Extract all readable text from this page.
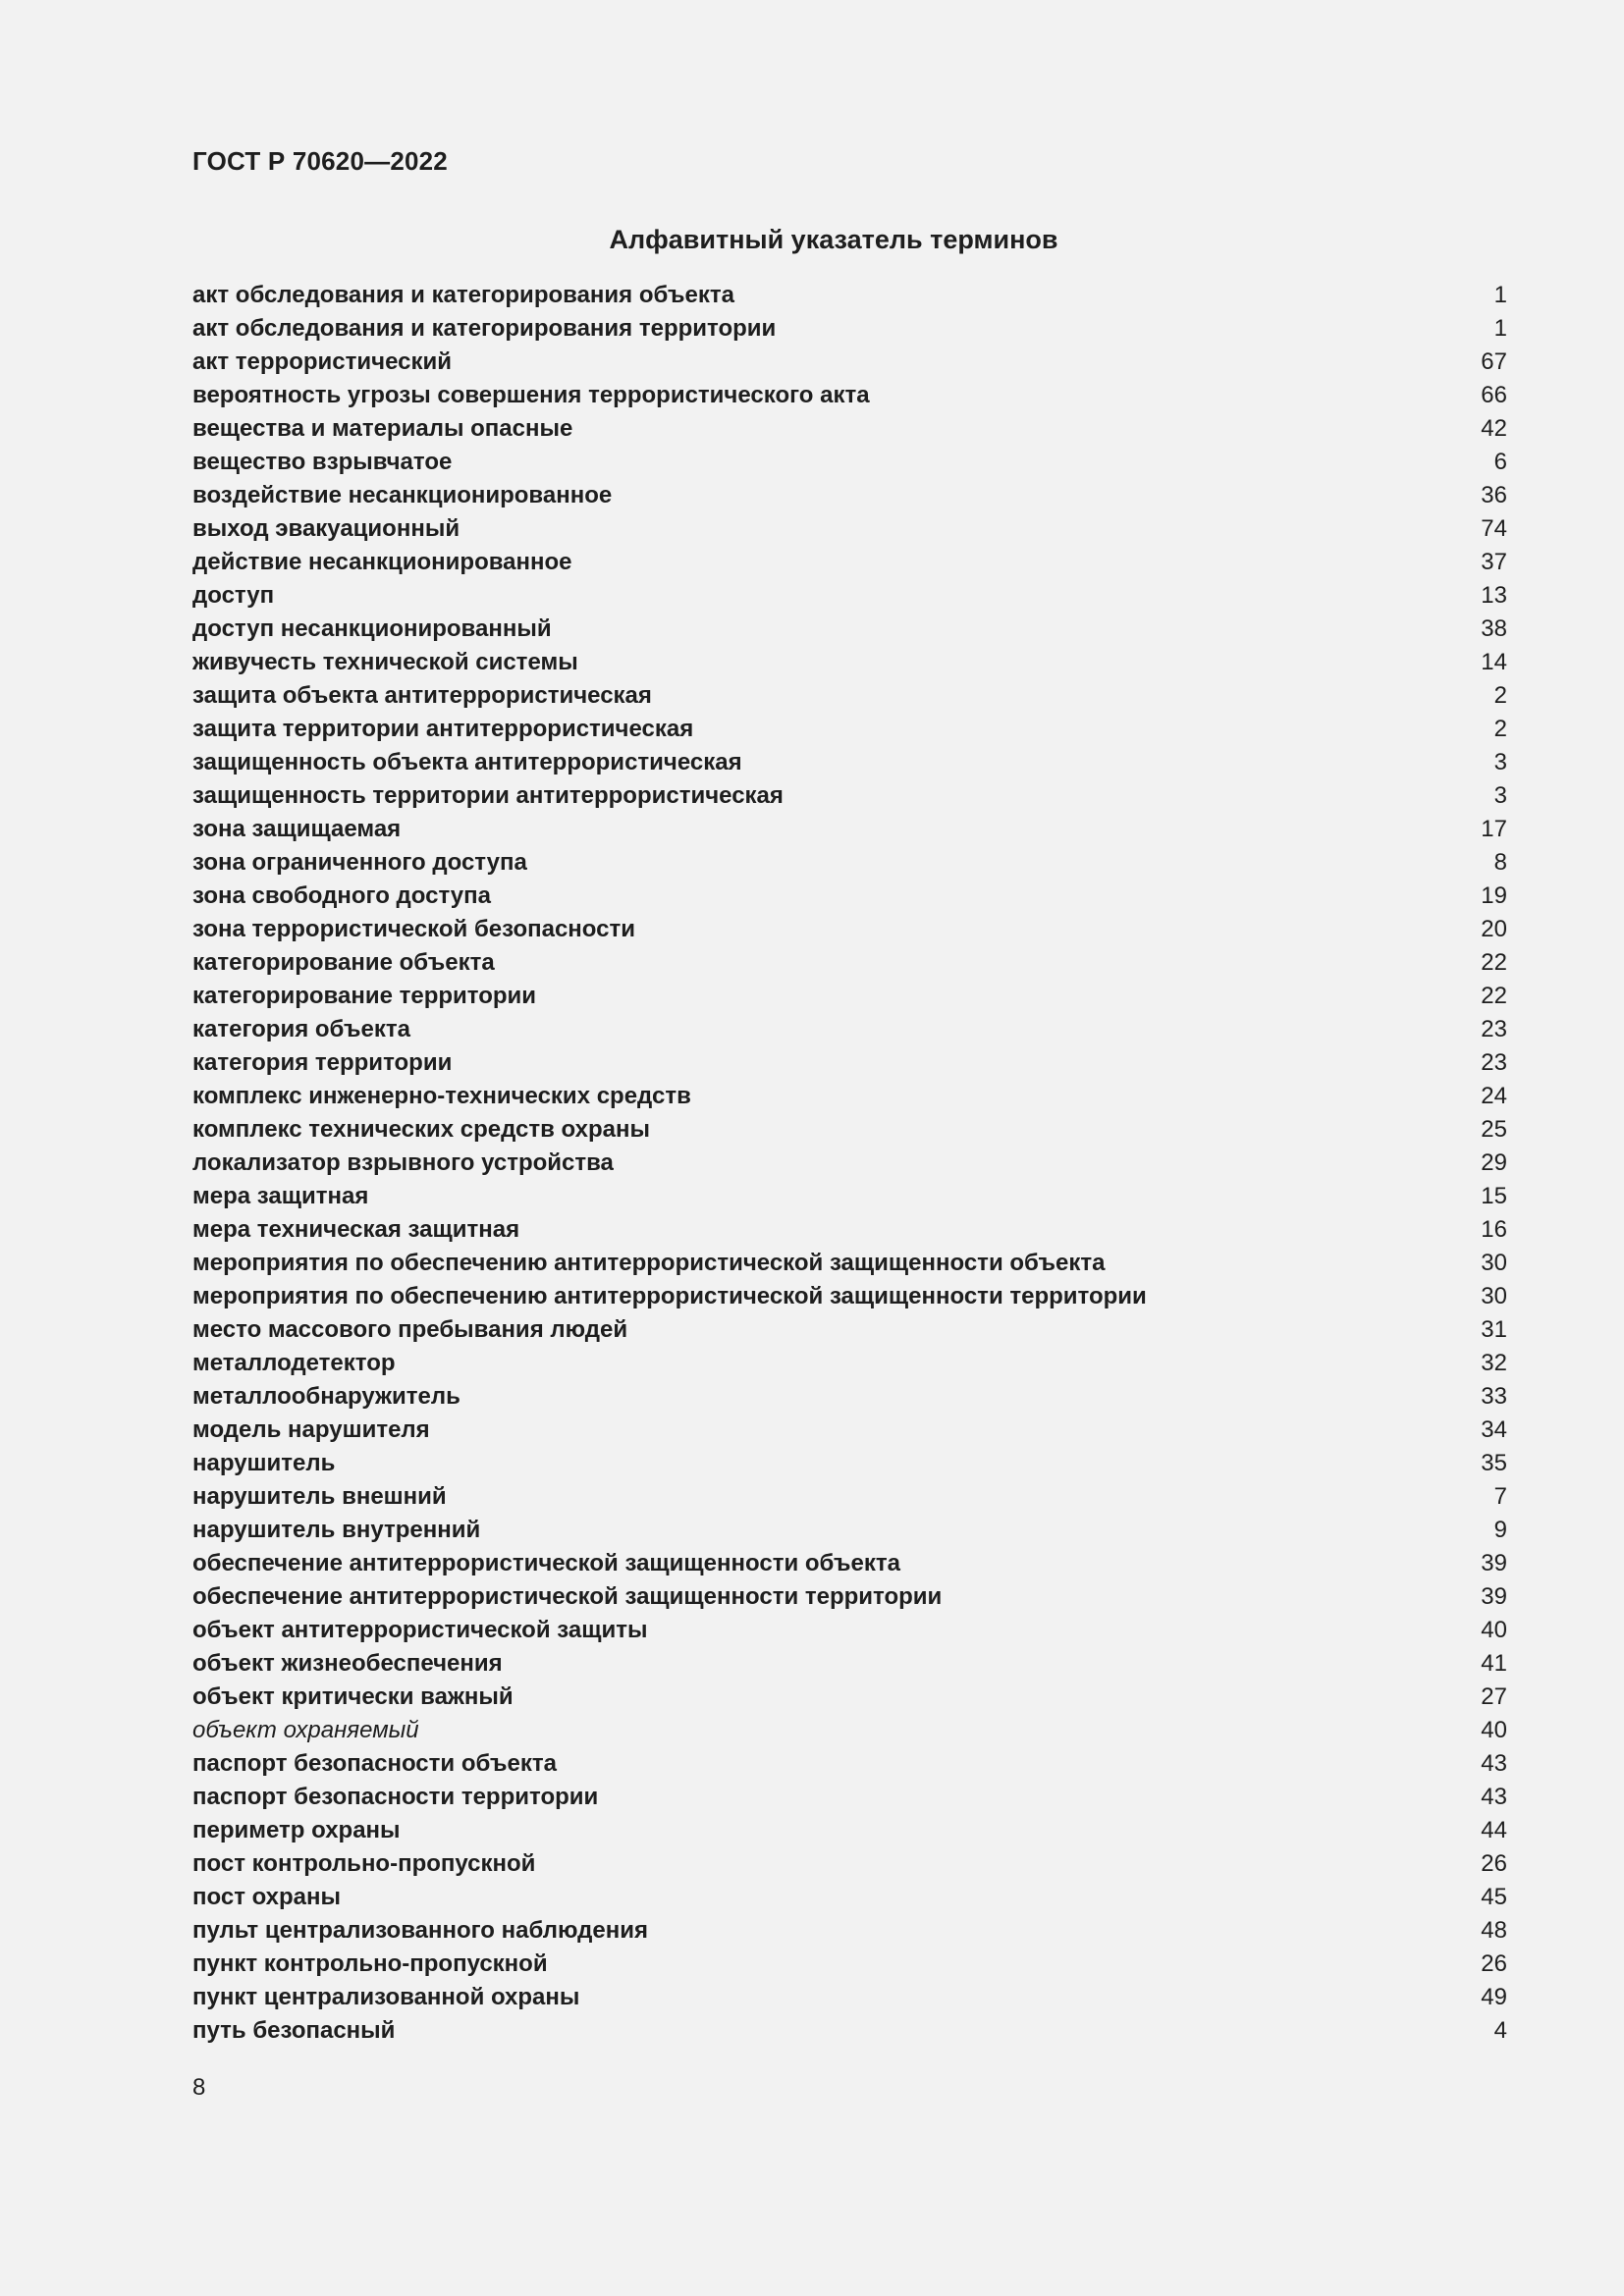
ГОСТ Р 70620—2022
Алфавитный указатель терминов
акт обследования и категорирования объекта	1
акт обследования и категорирования территории	1
акт террористический	67
вероятность угрозы совершения террористического акта	66
вещества и материалы опасные	42
вещество взрывчатое	6
воздействие несанкционированное	36
выход эвакуационный	74
действие несанкционированное	37
доступ	13
доступ несанкционированный	38
живучесть технической системы	14
защита объекта антитеррористическая	2
защита территории антитеррористическая	2
защищенность объекта антитеррористическая	3
защищенность территории антитеррористическая	3
зона защищаемая	17
зона ограниченного доступа	8
зона свободного доступа	19
зона террористической безопасности	20
категорирование объекта	22
категорирование территории	22
категория объекта	23
категория территории	23
комплекс инженерно-технических средств	24
комплекс технических средств охраны	25
локализатор взрывного устройства	29
мера защитная	15
мера техническая защитная	16
мероприятия по обеспечению антитеррористической защищенности объекта	30
мероприятия по обеспечению антитеррористической защищенности территории	30
место массового пребывания людей	31
металлодетектор	32
металлообнаружитель	33
модель нарушителя	34
нарушитель	35
нарушитель внешний	7
нарушитель внутренний	9
обеспечение антитеррористической защищенности объекта	39
обеспечение антитеррористической защищенности территории	39
объект антитеррористической защиты	40
объект жизнеобеспечения	41
объект критически важный	27
объект охраняемый	40
паспорт безопасности объекта	43
паспорт безопасности территории	43
периметр охраны	44
пост контрольно-пропускной	26
пост охраны	45
пульт централизованного наблюдения	48
пункт контрольно-пропускной	26
пункт централизованной охраны	49
путь безопасный	4
8
